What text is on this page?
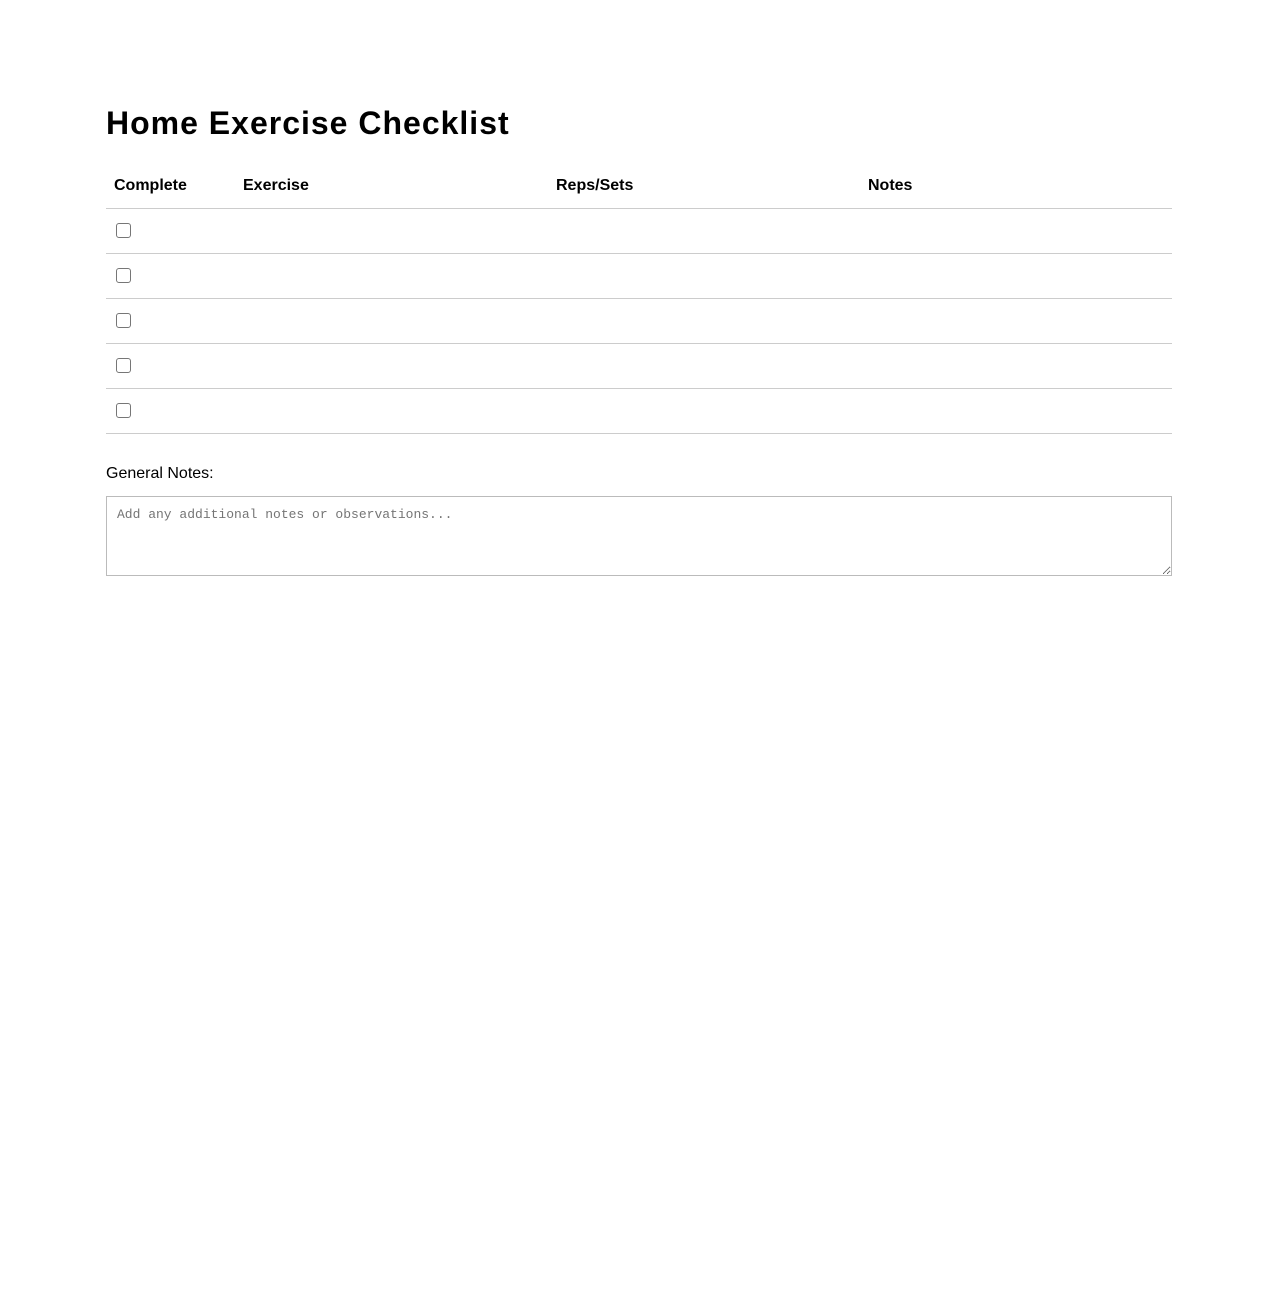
Home Exercise Checklist
Complete	Exercise	Reps/Sets	Notes

General Notes:
Add any additional notes or observations...
